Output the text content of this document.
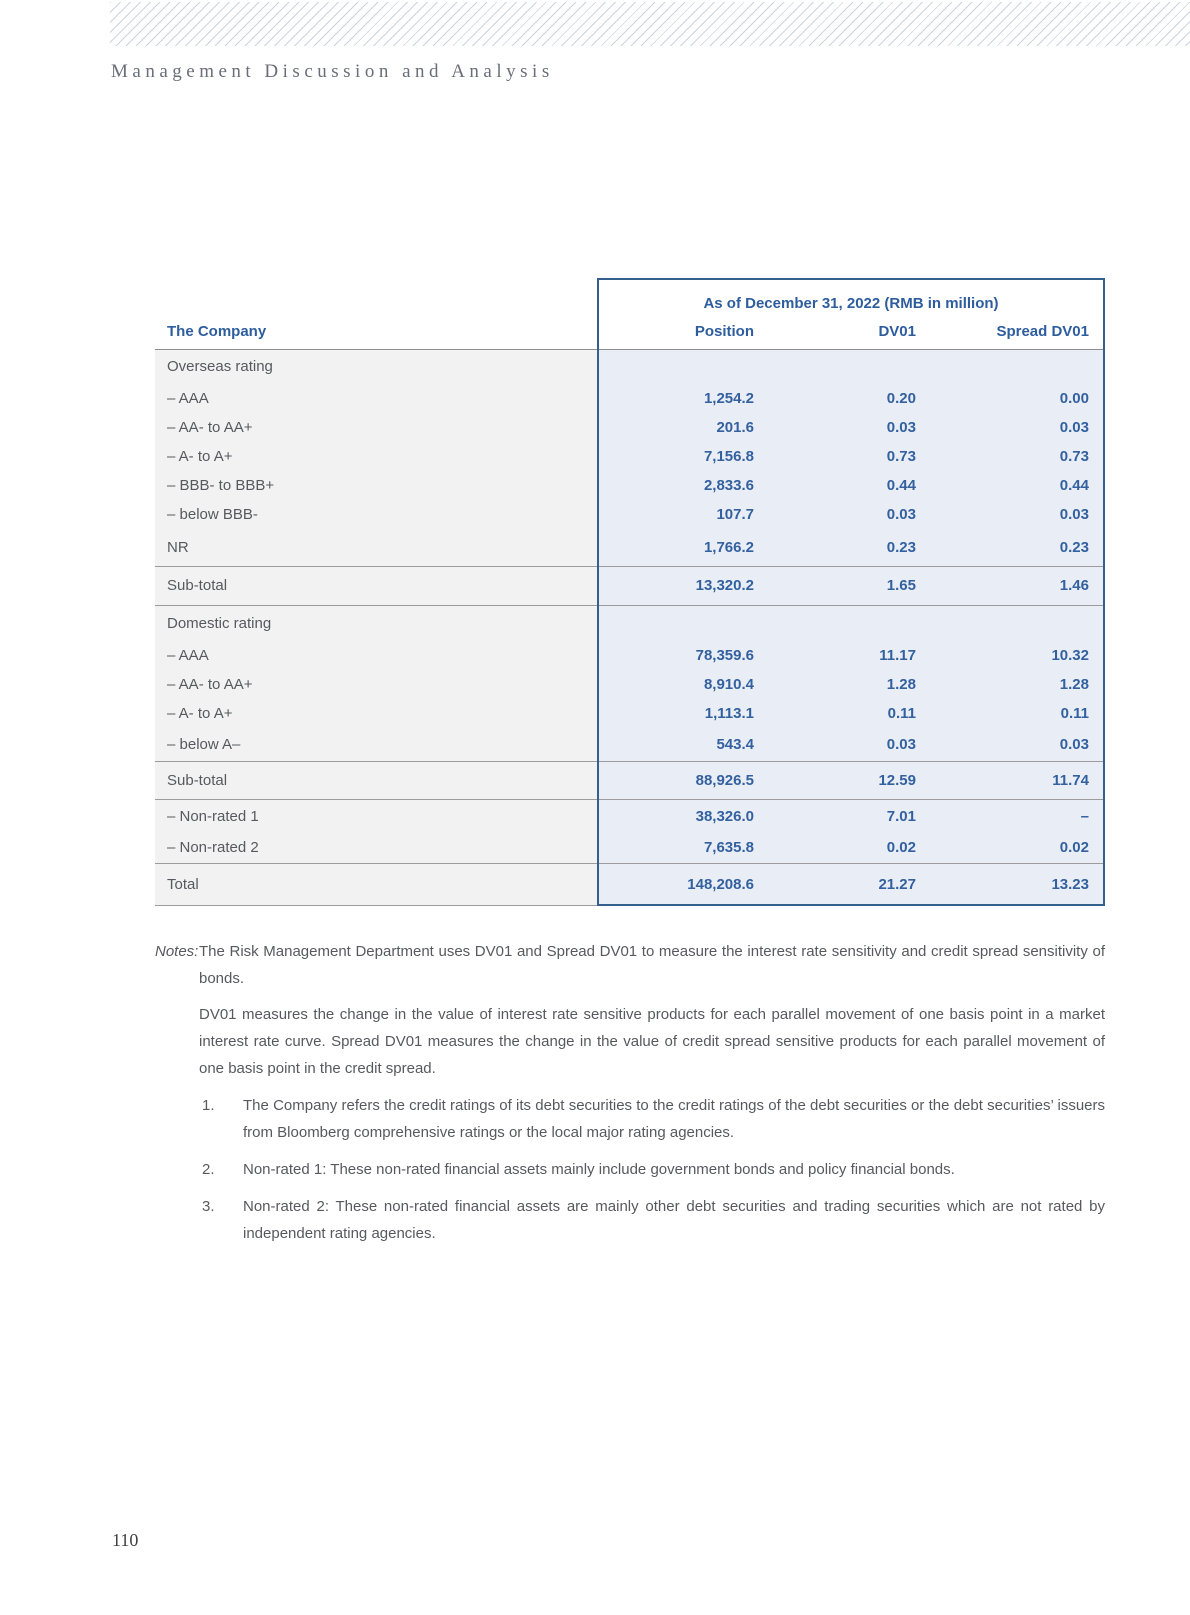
Management Discussion and Analysis
The Company	As of December 31, 2022 (RMB in million)		
	Position	DV01	Spread DV01
Overseas rating			
– AAA	1,254.2	0.20	0.00
– AA- to AA+	201.6	0.03	0.03
– A- to A+	7,156.8	0.73	0.73
– BBB- to BBB+	2,833.6	0.44	0.44
– below BBB-	107.7	0.03	0.03
NR	1,766.2	0.23	0.23
Sub-total	13,320.2	1.65	1.46
Domestic rating			
– AAA	78,359.6	11.17	10.32
– AA- to AA+	8,910.4	1.28	1.28
– A- to A+	1,113.1	0.11	0.11
– below A–	543.4	0.03	0.03
Sub-total	88,926.5	12.59	11.74
– Non-rated 1	38,326.0	7.01	–
– Non-rated 2	7,635.8	0.02	0.02
Total	148,208.6	21.27	13.23
Notes: The Risk Management Department uses DV01 and Spread DV01 to measure the interest rate sensitivity and credit spread sensitivity of bonds.
DV01 measures the change in the value of interest rate sensitive products for each parallel movement of one basis point in a market interest rate curve. Spread DV01 measures the change in the value of credit spread sensitive products for each parallel movement of one basis point in the credit spread.
1. The Company refers the credit ratings of its debt securities to the credit ratings of the debt securities or the debt securities’ issuers from Bloomberg comprehensive ratings or the local major rating agencies.
2. Non-rated 1: These non-rated financial assets mainly include government bonds and policy financial bonds.
3. Non-rated 2: These non-rated financial assets are mainly other debt securities and trading securities which are not rated by independent rating agencies.
110
